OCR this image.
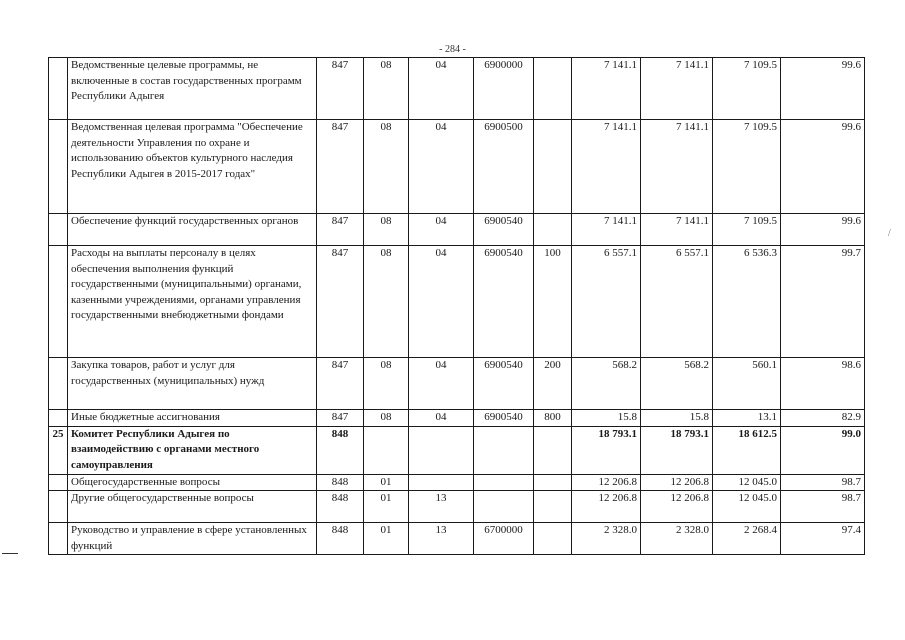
- 284 -
/
	Ведомственные целевые программы, не включенные в состав государственных программ Республики Адыгея	847	08	04	6900000		7 141.1	7 141.1	7 109.5	99.6
	Ведомственная целевая программа "Обеспечение деятельности Управления по охране и использованию объектов культурного наследия Республики Адыгея в 2015-2017 годах"	847	08	04	6900500		7 141.1	7 141.1	7 109.5	99.6
	Обеспечение функций государственных органов	847	08	04	6900540		7 141.1	7 141.1	7 109.5	99.6
	Расходы на выплаты персоналу в целях обеспечения выполнения функций государственными (муниципальными) органами, казенными учреждениями, органами управления государственными внебюджетными фондами	847	08	04	6900540	100	6 557.1	6 557.1	6 536.3	99.7
	Закупка товаров, работ и услуг для государственных (муниципальных) нужд	847	08	04	6900540	200	568.2	568.2	560.1	98.6
	Иные бюджетные ассигнования	847	08	04	6900540	800	15.8	15.8	13.1	82.9
25	Комитет Республики Адыгея по взаимодействию с органами местного самоуправления	848					18 793.1	18 793.1	18 612.5	99.0
	Общегосударственные вопросы	848	01				12 206.8	12 206.8	12 045.0	98.7
	Другие общегосударственные вопросы	848	01	13			12 206.8	12 206.8	12 045.0	98.7
	Руководство и управление в сфере установленных функций	848	01	13	6700000		2 328.0	2 328.0	2 268.4	97.4
